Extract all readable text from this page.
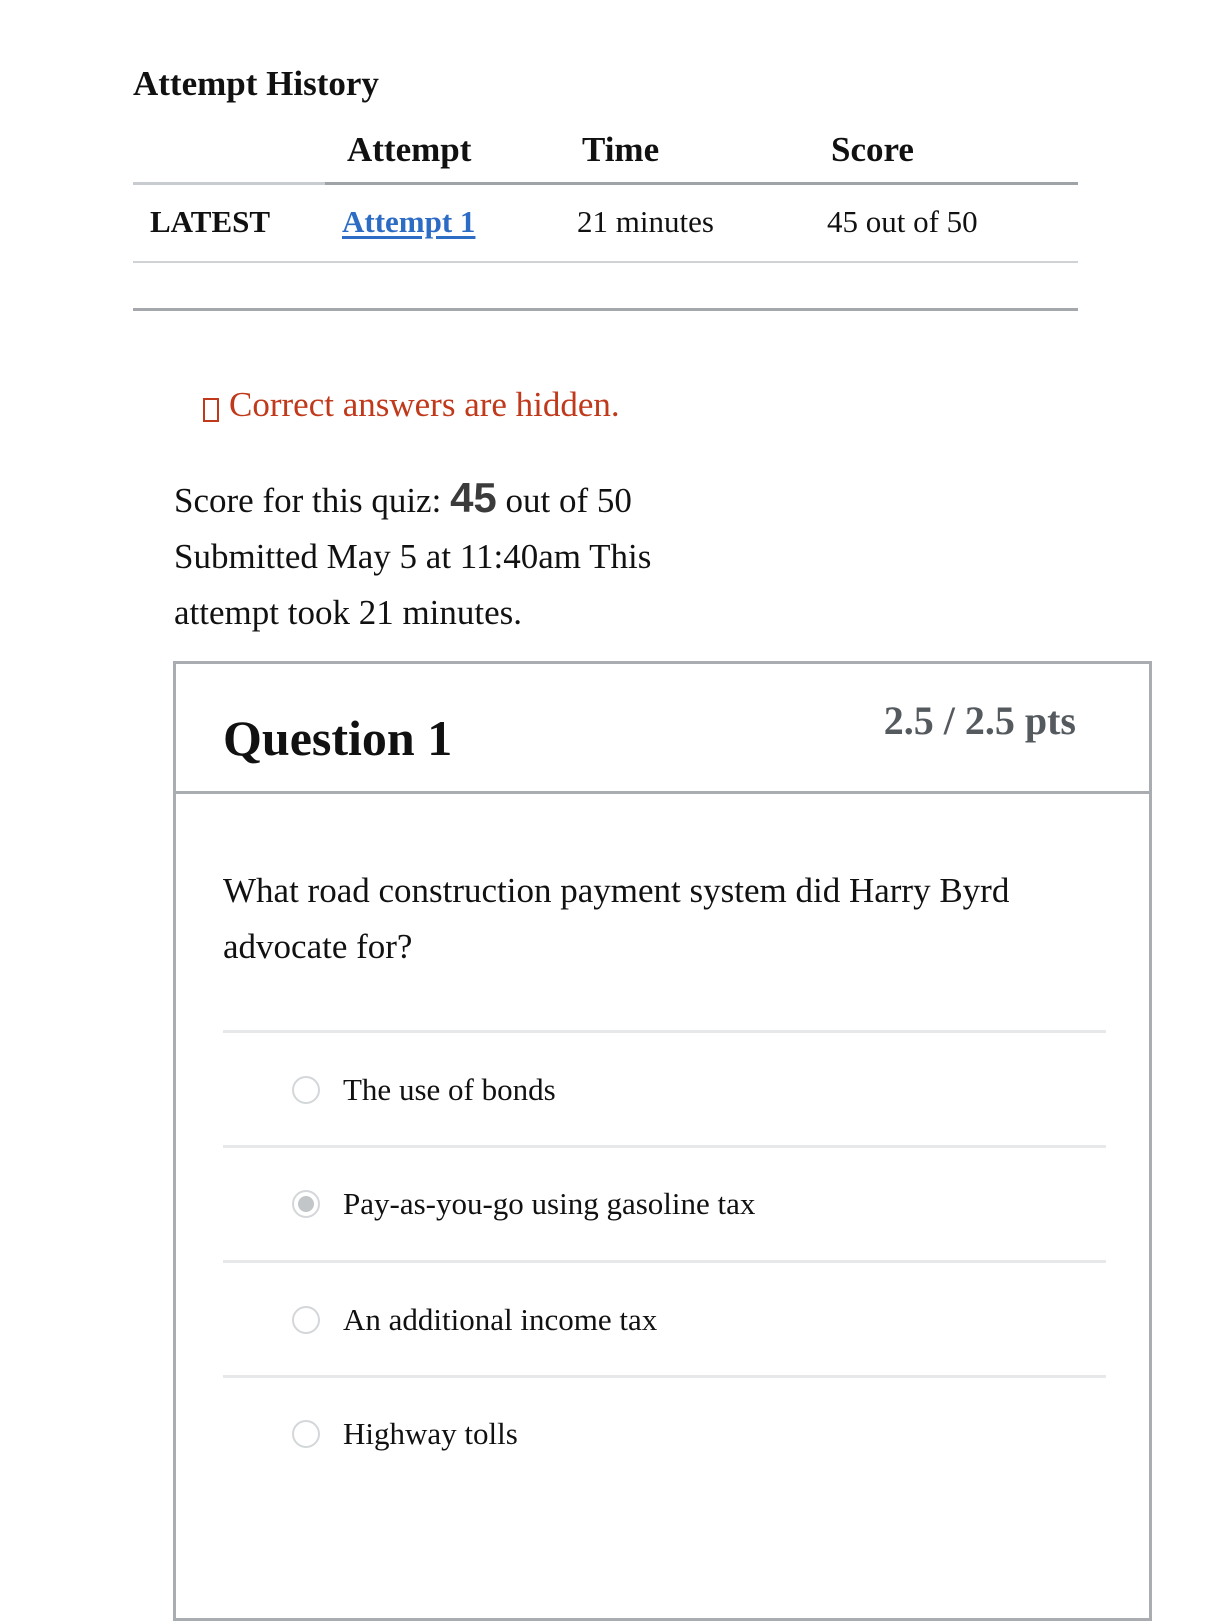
Attempt History
Attempt	Time	Score
LATEST Attempt 1	21 minutes	45 out of 50
Correct answers are hidden.
Score for this quiz: 45 out of 50
Submitted May 5 at 11:40am This attempt took 21 minutes.
Question 1	2.5 / 2.5 pts
What road construction payment system did Harry Byrd advocate for?
The use of bonds
Pay-as-you-go using gasoline tax
An additional income tax
Highway tolls
